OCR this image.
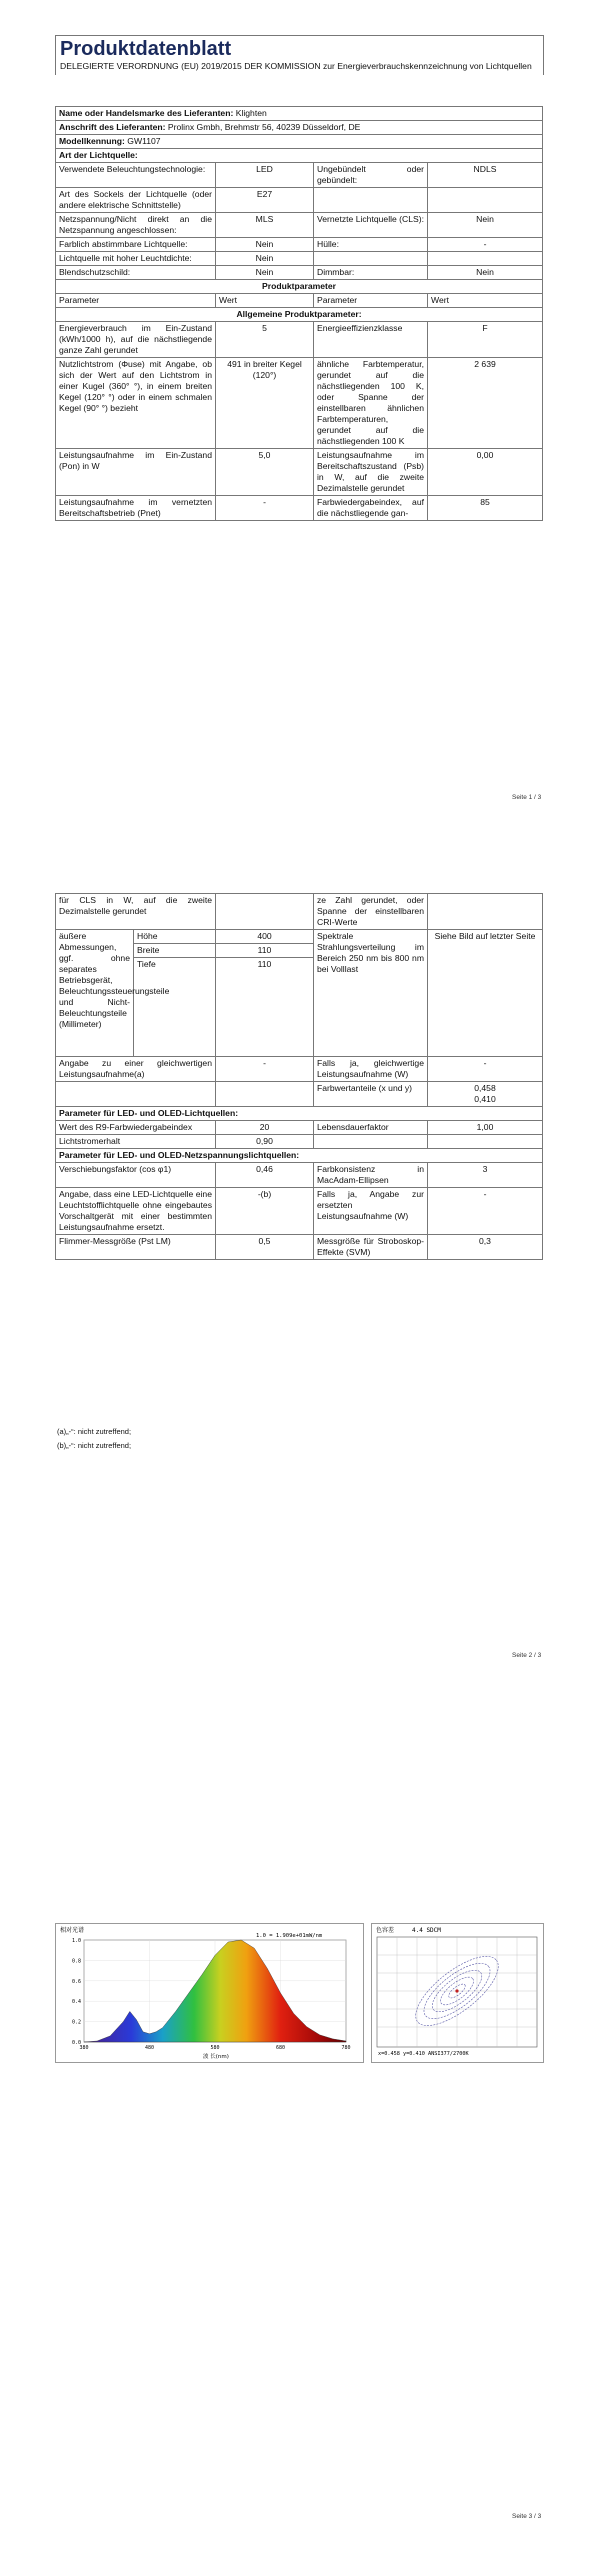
Produktdatenblatt
DELEGIERTE VERORDNUNG (EU) 2019/2015 DER KOMMISSION zur Energieverbrauchskennzeichnung von Lichtquellen
Name oder Handelsmarke des Lieferanten: Klighten			
Anschrift des Lieferanten: Prolinx Gmbh, Brehmstr 56, 40239 Düsseldorf, DE			
Modellkennung: GW1107			
Art der Lichtquelle:			
Verwendete Beleuchtungstechnologie:	LED	Ungebündelt oder gebündelt:	NDLS
Art des Sockels der Lichtquelle (oder andere elektrische Schnittstelle)	E27		
Netzspannung/Nicht direkt an die Netzspannung angeschlossen:	MLS	Vernetzte Lichtquelle (CLS):	Nein
Farblich abstimmbare Lichtquelle:	Nein	Hülle:	-
Lichtquelle mit hoher Leuchtdichte:	Nein		
Blendschutzschild:	Nein	Dimmbar:	Nein
Produktparameter			
Parameter	Wert	Parameter	Wert
Allgemeine Produktparameter:			
Energieverbrauch im Ein-Zustand (kWh/1000 h), auf die nächstliegende ganze Zahl gerundet	5	Energieeffizienzklasse	F
Nutzlichtstrom (Φuse) mit Angabe, ob sich der Wert auf den Lichtstrom in einer Kugel (360° °), in einem breiten Kegel (120° °) oder in einem schmalen Kegel (90° °) bezieht	491 in breiter Kegel (120°)	ähnliche Farbtemperatur, gerundet auf die nächstliegenden 100 K, oder Spanne der einstellbaren ähnlichen Farbtemperaturen, gerundet auf die nächstliegenden 100 K	2 639
Leistungsaufnahme im Ein-Zustand (Pon) in W	5,0	Leistungsaufnahme im Bereitschaftszustand (Psb) in W, auf die zweite Dezimalstelle gerundet	0,00
Leistungsaufnahme im vernetzten Bereitschaftsbetrieb (Pnet)	-	Farbwiedergabeindex, auf die nächstliegende gan-	85
Seite 1 / 3
für CLS in W, auf die zweite Dezimalstelle gerundet			ze Zahl gerundet, oder Spanne der einstellbaren CRI-Werte	
äußere Abmessungen, ggf. ohne separates Betriebsgerät, Beleuchtungssteuerungsteile und Nicht-Beleuchtungsteile (Millimeter)	Höhe	400	Spektrale Strahlungsverteilung im Bereich 250 nm bis 800 nm bei Volllast	Siehe Bild auf letzter Seite
	Breite	110		
	Tiefe	110		
Angabe zu einer gleichwertigen Leistungsaufnahme(a)		-	Falls ja, gleichwertige Leistungsaufnahme (W)	-
			Farbwertanteile (x und y)	0,458
0,410
Parameter für LED- und OLED-Lichtquellen:				
Wert des R9-Farbwiedergabeindex		20	Lebensdauerfaktor	1,00
Lichtstromerhalt		0,90		
Parameter für LED- und OLED-Netzspannungslichtquellen:				
Verschiebungsfaktor (cos φ1)		0,46	Farbkonsistenz in MacAdam-Ellipsen	3
Angabe, dass eine LED-Lichtquelle eine Leuchtstofflichtquelle ohne eingebautes Vorschaltgerät mit einer bestimmten Leistungsaufnahme ersetzt.		-(b)	Falls ja, Angabe zur ersetzten Leistungsaufnahme (W)	-
Flimmer-Messgröße (Pst LM)		0,5	Messgröße für Stroboskop-Effekte (SVM)	0,3
(a)„-“: nicht zutreffend;
(b)„-“: nicht zutreffend;
Seite 2 / 3
0.0
0.2
0.4
0.6
0.8
1.0
380	480	580	680	780
相对光谱
1.0 = 1.909e+01mW/nm
波 长(nm)
色容差	4.4 SDCM
x=0.458 y=0.410 ANSI377/2700K
Seite 3 / 3
